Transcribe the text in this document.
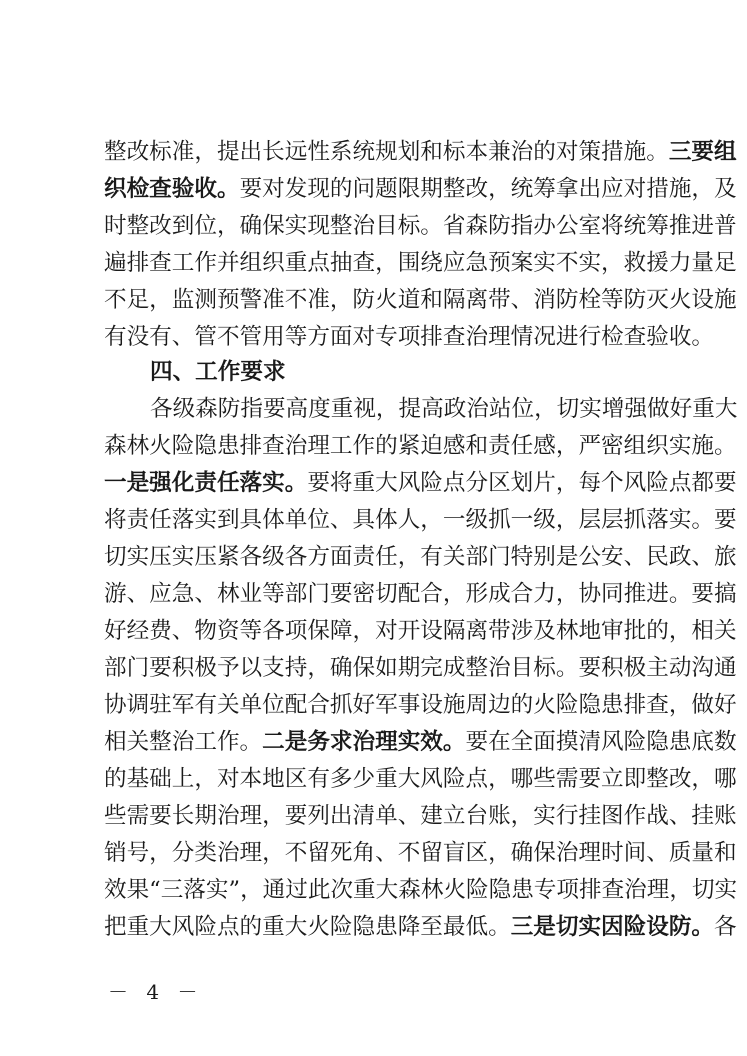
整改标准，提出长远性系统规划和标本兼治的对策措施。三要组
织检查验收。要对发现的问题限期整改，统筹拿出应对措施，及
时整改到位，确保实现整治目标。省森防指办公室将统筹推进普
遍排查工作并组织重点抽查，围绕应急预案实不实，救援力量足
不足，监测预警准不准，防火道和隔离带、消防栓等防灭火设施
有没有、管不管用等方面对专项排查治理情况进行检查验收。
四、工作要求
各级森防指要高度重视，提高政治站位，切实增强做好重大
森林火险隐患排查治理工作的紧迫感和责任感，严密组织实施。
一是强化责任落实。要将重大风险点分区划片，每个风险点都要
将责任落实到具体单位、具体人，一级抓一级，层层抓落实。要
切实压实压紧各级各方面责任，有关部门特别是公安、民政、旅
游、应急、林业等部门要密切配合，形成合力，协同推进。要搞
好经费、物资等各项保障，对开设隔离带涉及林地审批的，相关
部门要积极予以支持，确保如期完成整治目标。要积极主动沟通
协调驻军有关单位配合抓好军事设施周边的火险隐患排查，做好
相关整治工作。二是务求治理实效。要在全面摸清风险隐患底数
的基础上，对本地区有多少重大风险点，哪些需要立即整改，哪
些需要长期治理，要列出清单、建立台账，实行挂图作战、挂账
销号，分类治理，不留死角、不留盲区，确保治理时间、质量和
效果“三落实”，通过此次重大森林火险隐患专项排查治理，切实
把重大风险点的重大火险隐患降至最低。三是切实因险设防。各
－ 4 －
